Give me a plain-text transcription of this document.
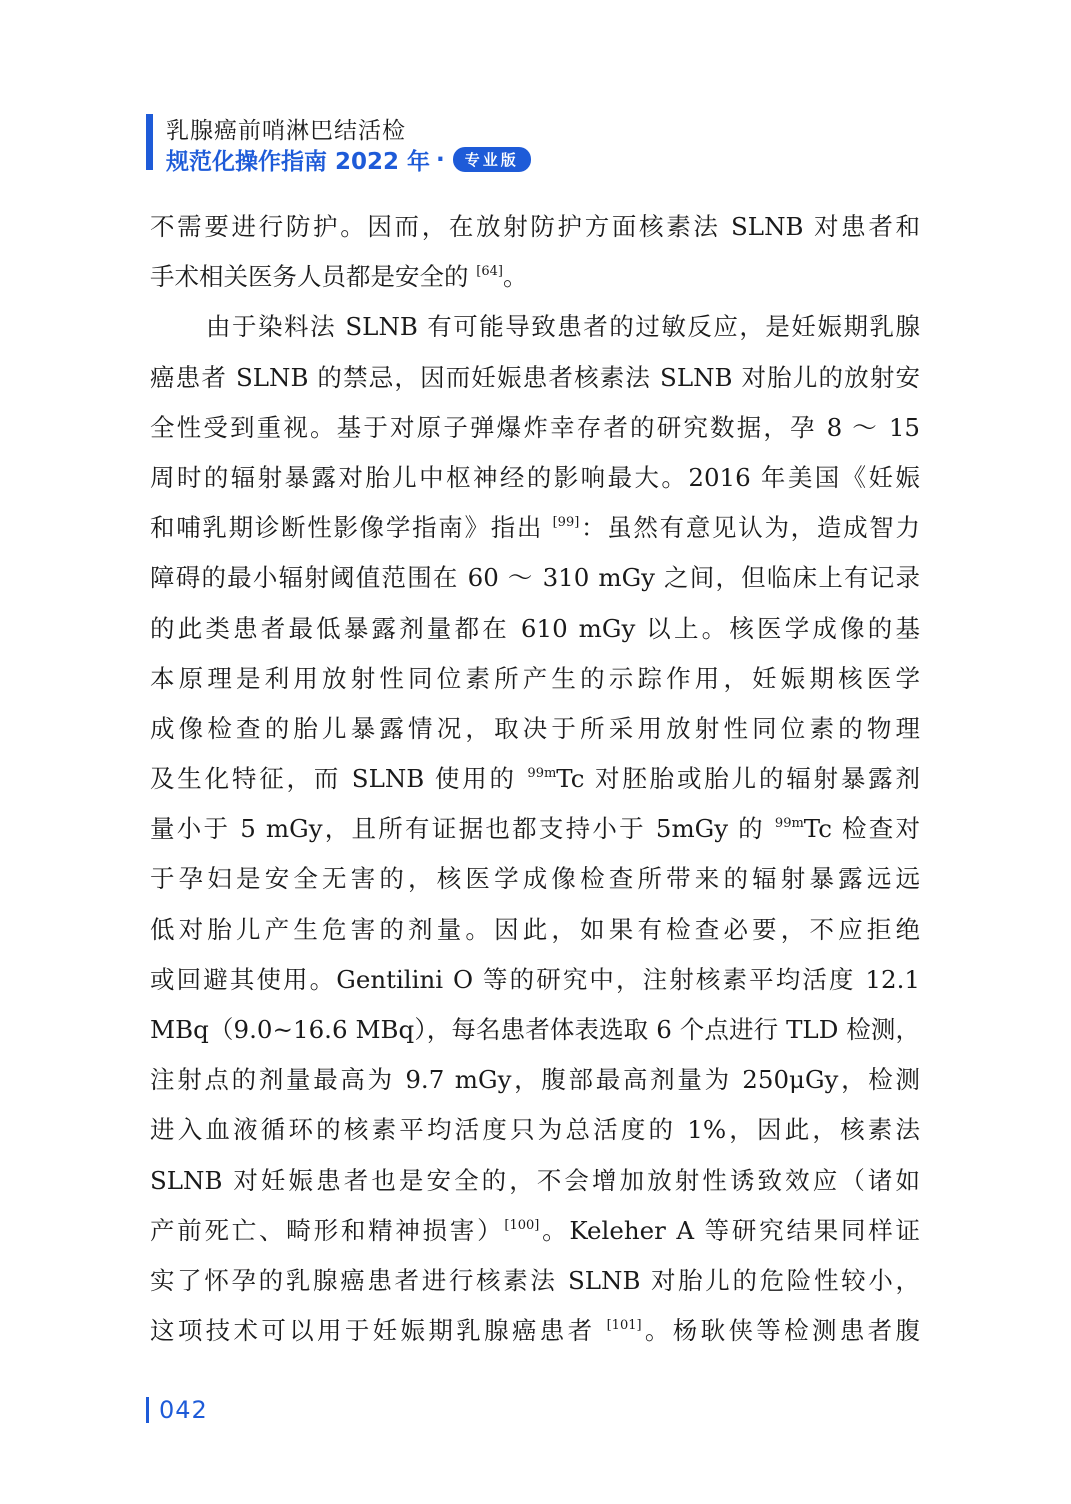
乳腺癌前哨淋巴结活检
规范化操作指南 2022 年 ·	专业版
不需要进行防护。因而，在放射防护方面核素法 SLNB 对患者和
手术相关医务人员都是安全的 [64]。
由于染料法 SLNB 有可能导致患者的过敏反应，是妊娠期乳腺
癌患者 SLNB 的禁忌，因而妊娠患者核素法 SLNB 对胎儿的放射安
全性受到重视。基于对原子弹爆炸幸存者的研究数据，孕 8 ～ 15
周时的辐射暴露对胎儿中枢神经的影响最大。2016 年美国《妊娠
和哺乳期诊断性影像学指南》指出 [99]：虽然有意见认为，造成智力
障碍的最小辐射阈值范围在 60 ～ 310 mGy 之间，但临床上有记录
的此类患者最低暴露剂量都在 610 mGy 以上。核医学成像的基
本原理是利用放射性同位素所产生的示踪作用，妊娠期核医学
成像检查的胎儿暴露情况，取决于所采用放射性同位素的物理
及生化特征，而 SLNB 使用的 $^{99m}$Tc 对胚胎或胎儿的辐射暴露剂
量小于 5 mGy，且所有证据也都支持小于 5mGy 的 $^{99m}$Tc 检查对
于孕妇是安全无害的，核医学成像检查所带来的辐射暴露远远
低对胎儿产生危害的剂量。因此，如果有检查必要，不应拒绝
或回避其使用。Gentilini O 等的研究中，注射核素平均活度 12.1
MBq（9.0~16.6 MBq），每名患者体表选取 6 个点进行 TLD 检测，
注射点的剂量最高为 9.7 mGy，腹部最高剂量为 250μGy，检测
进入血液循环的核素平均活度只为总活度的 1%，因此，核素法
SLNB 对妊娠患者也是安全的，不会增加放射性诱致效应（诸如
产前死亡、畸形和精神损害）[100]。Keleher A 等研究结果同样证
实了怀孕的乳腺癌患者进行核素法 SLNB 对胎儿的危险性较小，
这项技术可以用于妊娠期乳腺癌患者 [101]。杨耿侠等检测患者腹
042
